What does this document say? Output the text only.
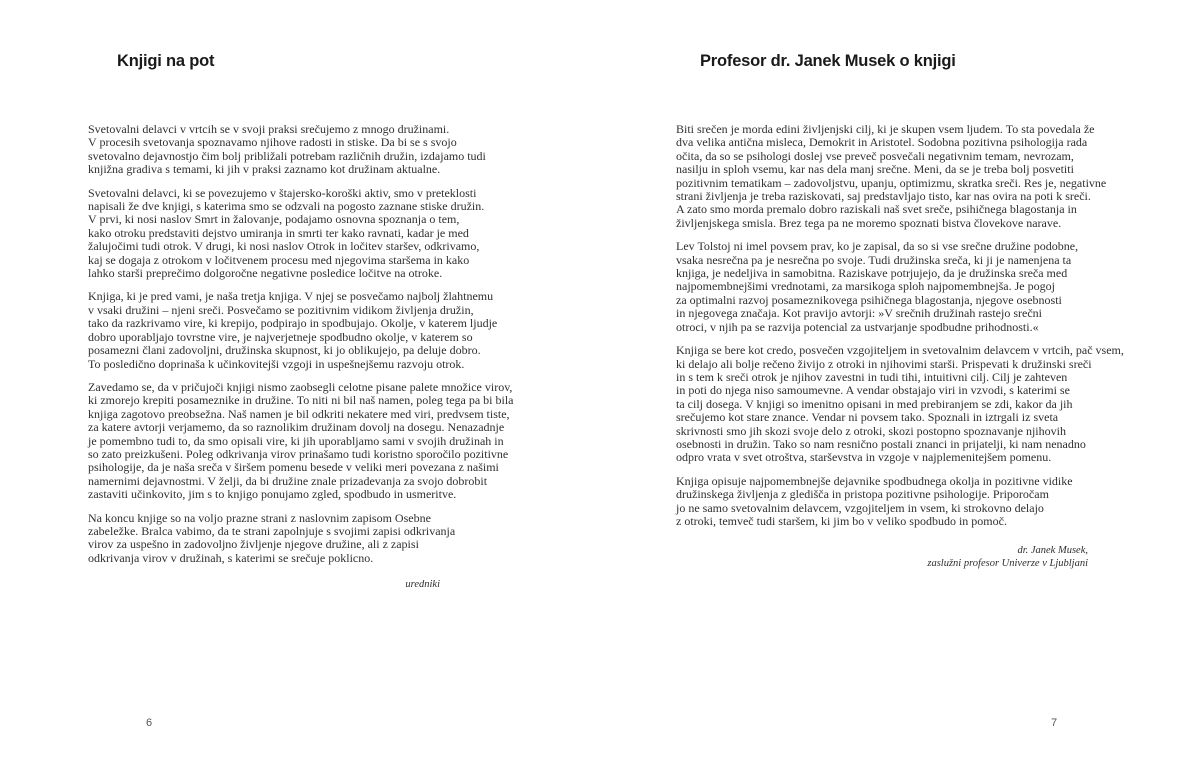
Knjigi na pot

Svetovalni delavci v vrtcih se v svoji praksi srečujemo z mnogo družinami.
V procesih svetovanja spoznavamo njihove radosti in stiske. Da bi se s svojo
svetovalno dejavnostjo čim bolj približali potrebam različnih družin, izdajamo tudi
knjižna gradiva s temami, ki jih v praksi zaznamo kot družinam aktualne.

Svetovalni delavci, ki se povezujemo v štajersko-koroški aktiv, smo v preteklosti
napisali že dve knjigi, s katerima smo se odzvali na pogosto zaznane stiske družin.
V prvi, ki nosi naslov Smrt in žalovanje, podajamo osnovna spoznanja o tem,
kako otroku predstaviti dejstvo umiranja in smrti ter kako ravnati, kadar je med
žalujočimi tudi otrok. V drugi, ki nosi naslov Otrok in ločitev staršev, odkrivamo,
kaj se dogaja z otrokom v ločitvenem procesu med njegovima staršema in kako
lahko starši preprečimo dolgoročne negativne posledice ločitve na otroke.

Knjiga, ki je pred vami, je naša tretja knjiga. V njej se posvečamo najbolj žlahtnemu
v vsaki družini – njeni sreči. Posvečamo se pozitivnim vidikom življenja družin,
tako da razkrivamo vire, ki krepijo, podpirajo in spodbujajo. Okolje, v katerem ljudje
dobro uporabljajo tovrstne vire, je najverjetneje spodbudno okolje, v katerem so
posamezni člani zadovoljni, družinska skupnost, ki jo oblikujejo, pa deluje dobro.
To posledično doprinaša k učinkovitejši vzgoji in uspešnejšemu razvoju otrok.

Zavedamo se, da v pričujoči knjigi nismo zaobsegli celotne pisane palete množice virov,
ki zmorejo krepiti posameznike in družine. To niti ni bil naš namen, poleg tega pa bi bila
knjiga zagotovo preobsežna. Naš namen je bil odkriti nekatere med viri, predvsem tiste,
za katere avtorji verjamemo, da so raznolikim družinam dovolj na dosegu. Nenazadnje
je pomembno tudi to, da smo opisali vire, ki jih uporabljamo sami v svojih družinah in
so zato preizkušeni. Poleg odkrivanja virov prinašamo tudi koristno sporočilo pozitivne
psihologije, da je naša sreča v širšem pomenu besede v veliki meri povezana z našimi
namernimi dejavnostmi. V želji, da bi družine znale prizadevanja za svojo dobrobit
zastaviti učinkovito, jim s to knjigo ponujamo zgled, spodbudo in usmeritve.

Na koncu knjige so na voljo prazne strani z naslovnim zapisom Osebne
zabeležke. Bralca vabimo, da te strani zapolnjuje s svojimi zapisi odkrivanja
virov za uspešno in zadovoljno življenje njegove družine, ali z zapisi
odkrivanja virov v družinah, s katerimi se srečuje poklicno.

uredniki
6
Profesor dr. Janek Musek o knjigi

Biti srečen je morda edini življenjski cilj, ki je skupen vsem ljudem. To sta povedala že
dva velika antična misleca, Demokrit in Aristotel. Sodobna pozitivna psihologija rada
očita, da so se psihologi doslej vse preveč posvečali negativnim temam, nevrozam,
nasilju in sploh vsemu, kar nas dela manj srečne. Meni, da se je treba bolj posvetiti
pozitivnim tematikam – zadovoljstvu, upanju, optimizmu, skratka sreči. Res je, negativne
strani življenja je treba raziskovati, saj predstavljajo tisto, kar nas ovira na poti k sreči.
A zato smo morda premalo dobro raziskali naš svet sreče, psihičnega blagostanja in
življenjskega smisla. Brez tega pa ne moremo spoznati bistva človekove narave.

Lev Tolstoj ni imel povsem prav, ko je zapisal, da so si vse srečne družine podobne,
vsaka nesrečna pa je nesrečna po svoje. Tudi družinska sreča, ki ji je namenjena ta
knjiga, je nedeljiva in samobitna. Raziskave potrjujejo, da je družinska sreča med
najpomembnejšimi vrednotami, za marsikoga sploh najpomembnejša. Je pogoj
za optimalni razvoj posameznikovega psihičnega blagostanja, njegove osebnosti
in njegovega značaja. Kot pravijo avtorji: »V srečnih družinah rastejo srečni
otroci, v njih pa se razvija potencial za ustvarjanje spodbudne prihodnosti.«

Knjiga se bere kot credo, posvečen vzgojiteljem in svetovalnim delavcem v vrtcih, pač vsem,
ki delajo ali bolje rečeno živijo z otroki in njihovimi starši. Prispevati k družinski sreči
in s tem k sreči otrok je njihov zavestni in tudi tihi, intuitivni cilj. Cilj je zahteven
in poti do njega niso samoumevne. A vendar obstajajo viri in vzvodi, s katerimi se
ta cilj dosega. V knjigi so imenitno opisani in med prebiranjem se zdi, kakor da jih
srečujemo kot stare znance. Vendar ni povsem tako. Spoznali in iztrgali iz sveta
skrivnosti smo jih skozi svoje delo z otroki, skozi postopno spoznavanje njihovih
osebnosti in družin. Tako so nam resnično postali znanci in prijatelji, ki nam nenadno
odpro vrata v svet otroštva, starševstva in vzgoje v najplemenitejšem pomenu.

Knjiga opisuje najpomembnejše dejavnike spodbudnega okolja in pozitivne vidike
družinskega življenja z gledišča in pristopa pozitivne psihologije. Priporočam
jo ne samo svetovalnim delavcem, vzgojiteljem in vsem, ki strokovno delajo
z otroki, temveč tudi staršem, ki jim bo v veliko spodbudo in pomoč.

dr. Janek Musek,
zaslužni profesor Univerze v Ljubljani
7
